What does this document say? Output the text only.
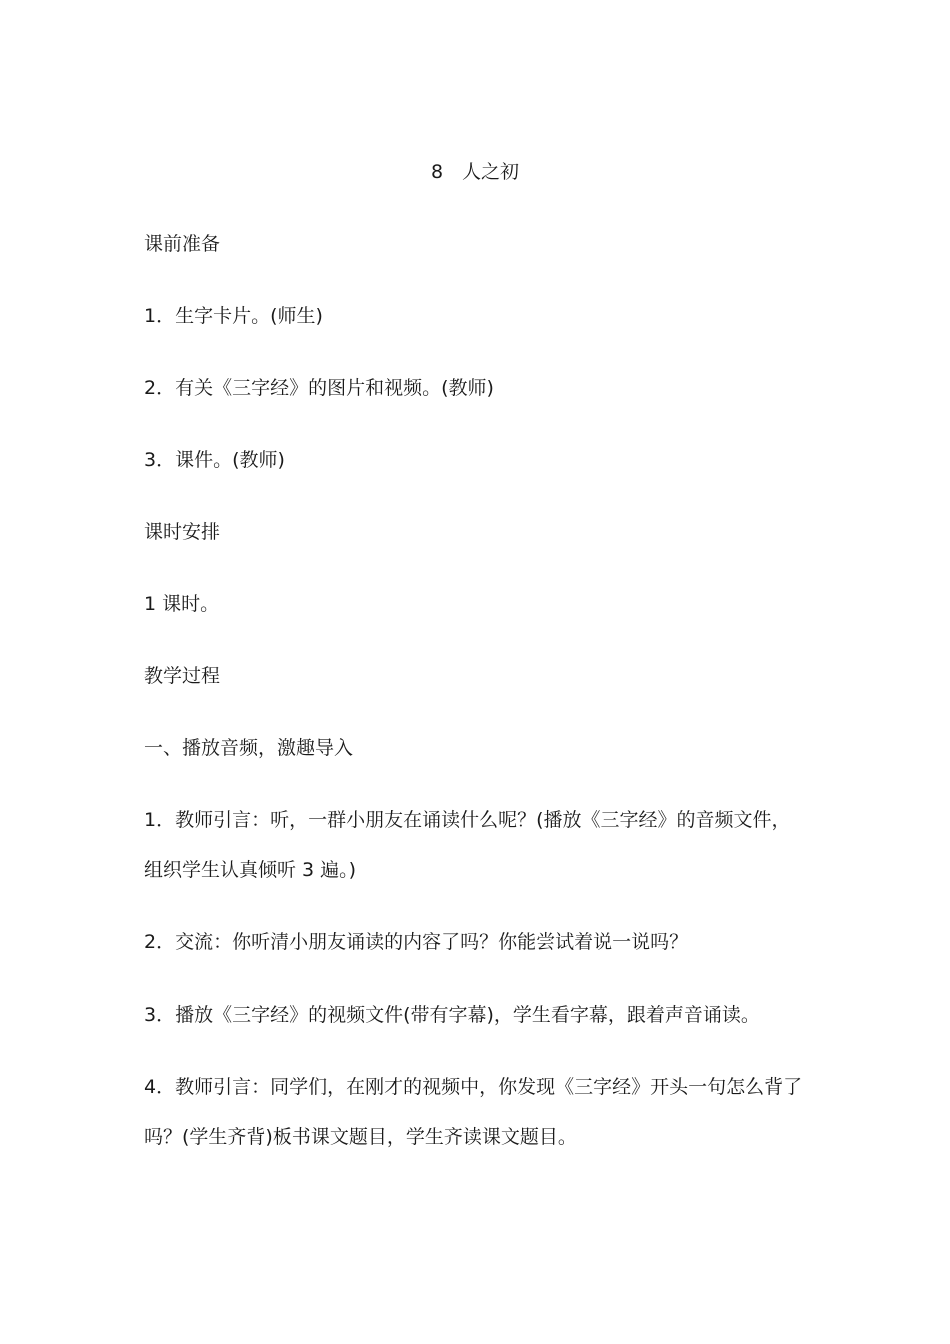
8　人之初
课前准备
1．生字卡片。(师生)
2．有关《三字经》的图片和视频。(教师)
3．课件。(教师)
课时安排
1 课时。
教学过程
一、播放音频，激趣导入
1．教师引言：听，一群小朋友在诵读什么呢？(播放《三字经》的音频文件，
组织学生认真倾听 3 遍。)
2．交流：你听清小朋友诵读的内容了吗？你能尝试着说一说吗？
3．播放《三字经》的视频文件(带有字幕)，学生看字幕，跟着声音诵读。
4．教师引言：同学们，在刚才的视频中，你发现《三字经》开头一句怎么背了
吗？(学生齐背)板书课文题目，学生齐读课文题目。
